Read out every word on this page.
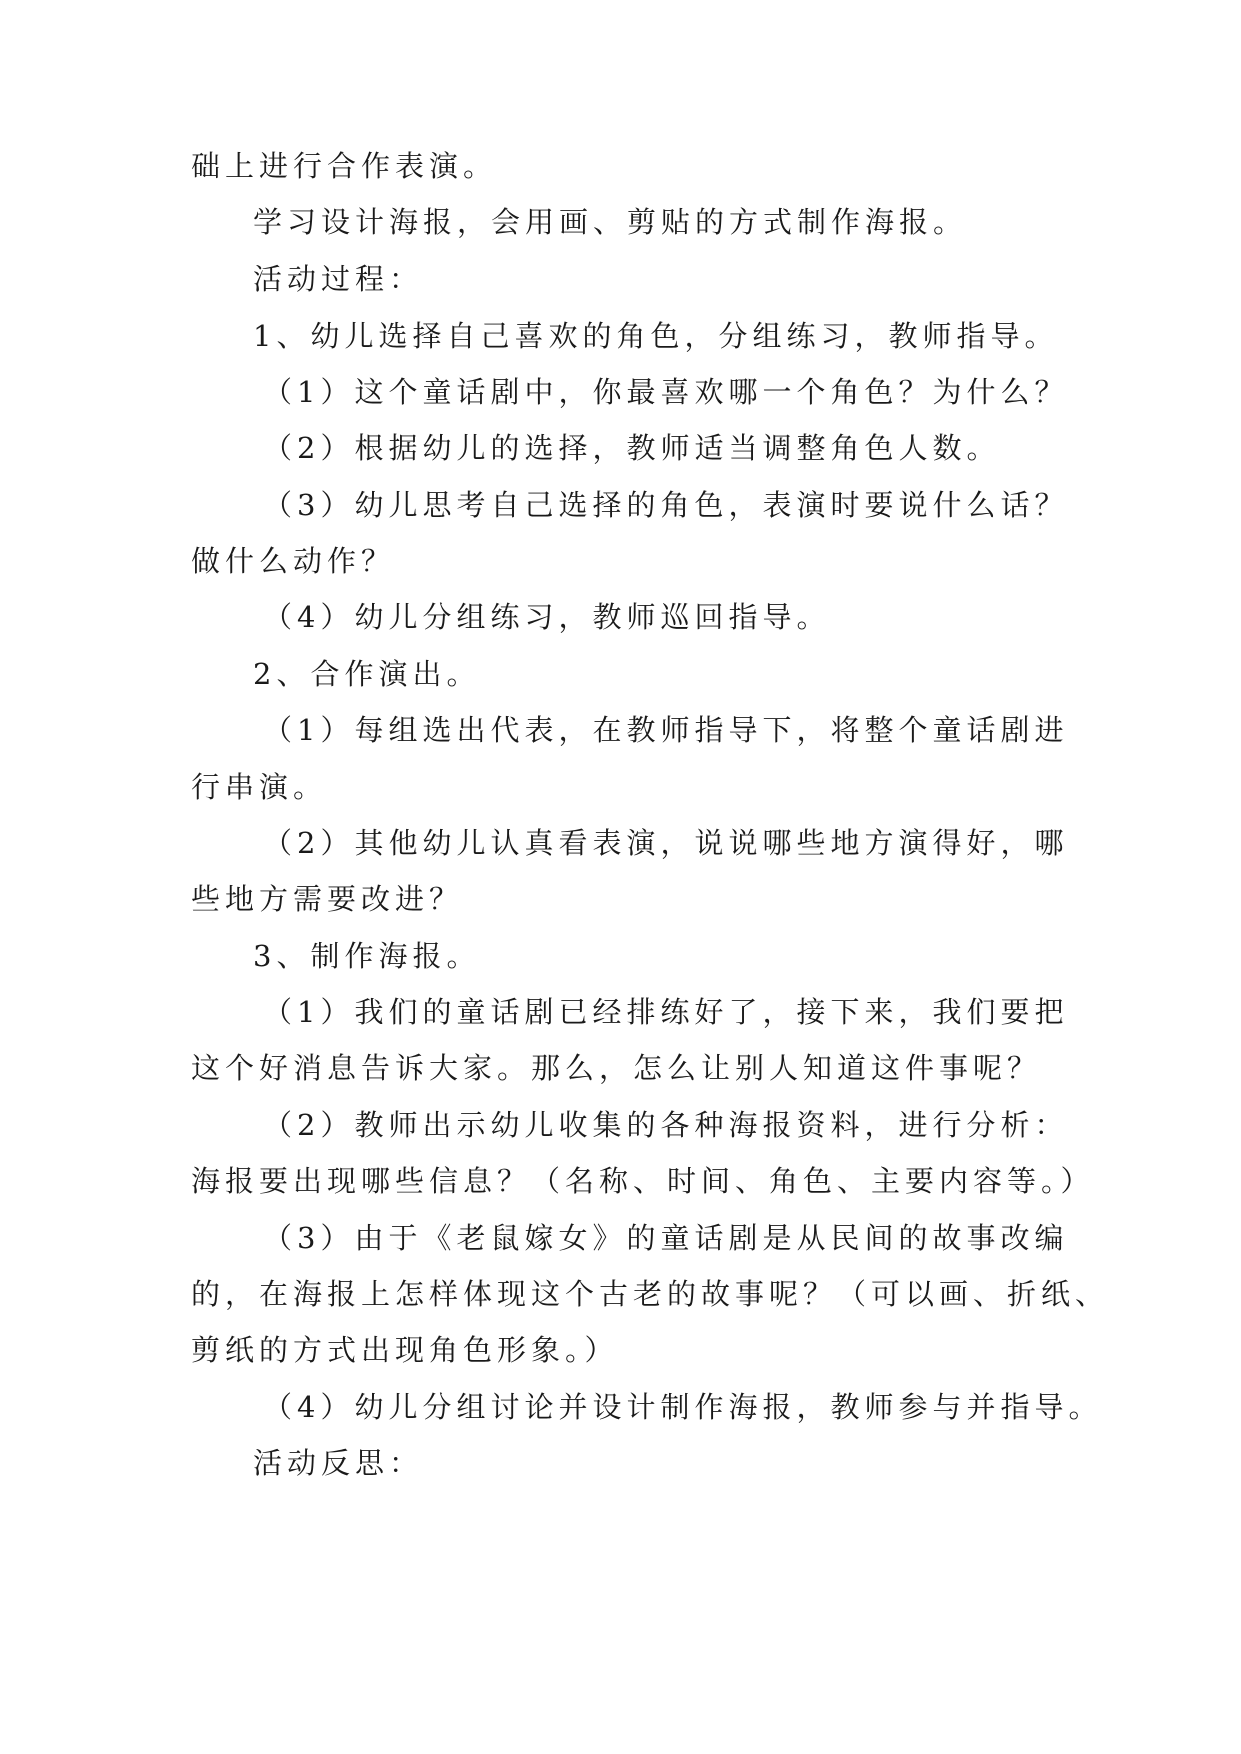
础上进行合作表演。
学习设计海报，会用画、剪贴的方式制作海报。
活动过程：
1、幼儿选择自己喜欢的角色，分组练习，教师指导。
（1）这个童话剧中，你最喜欢哪一个角色？为什么？
（2）根据幼儿的选择，教师适当调整角色人数。
（3）幼儿思考自己选择的角色，表演时要说什么话？
做什么动作？
（4）幼儿分组练习，教师巡回指导。
2、合作演出。
（1）每组选出代表，在教师指导下，将整个童话剧进
行串演。
（2）其他幼儿认真看表演，说说哪些地方演得好，哪
些地方需要改进？
3、制作海报。
（1）我们的童话剧已经排练好了，接下来，我们要把
这个好消息告诉大家。那么，怎么让别人知道这件事呢？
（2）教师出示幼儿收集的各种海报资料，进行分析：
海报要出现哪些信息？（名称、时间、角色、主要内容等。）
（3）由于《老鼠嫁女》的童话剧是从民间的故事改编
的，在海报上怎样体现这个古老的故事呢？（可以画、折纸、
剪纸的方式出现角色形象。）
（4）幼儿分组讨论并设计制作海报，教师参与并指导。
活动反思：
